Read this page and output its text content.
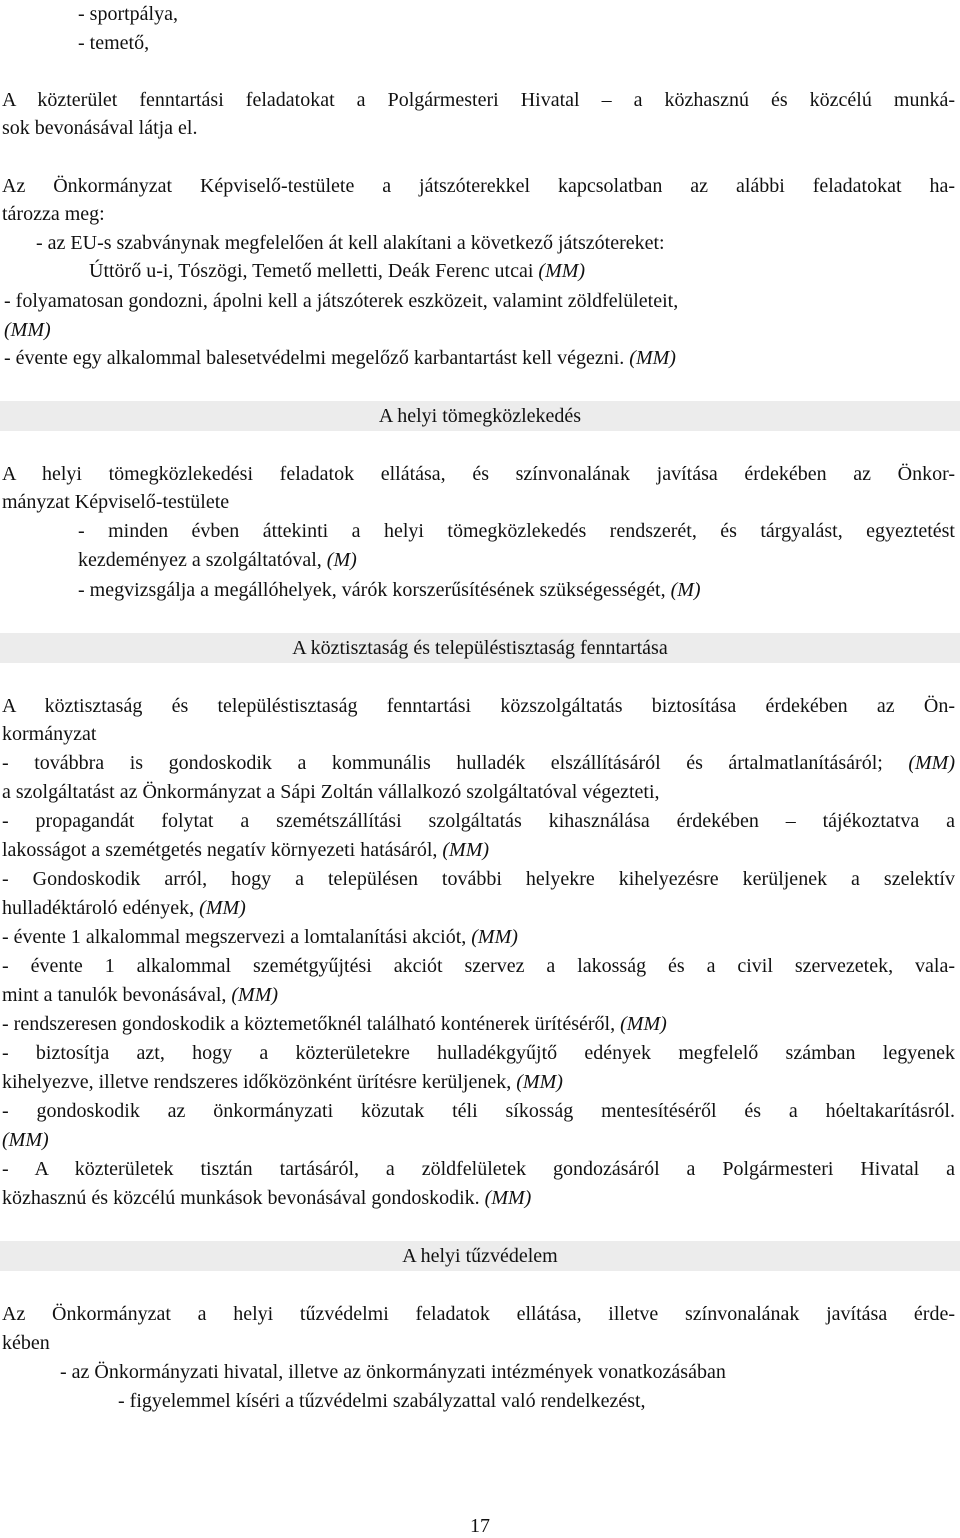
- sportpálya,
- temető,
A közterület fenntartási feladatokat a Polgármesteri Hivatal – a közhasznú és közcélú munká-
sok bevonásával látja el.
Az Önkormányzat Képviselő-testülete a játszóterekkel kapcsolatban az alábbi feladatokat ha-
tározza meg:
- az EU-s szabványnak megfelelően át kell alakítani a következő játszótereket:
Úttörő u-i, Tószögi, Temető melletti, Deák Ferenc utcai (MM)
- folyamatosan gondozni, ápolni kell a játszóterek eszközeit, valamint zöldfelületeit,
(MM)
- évente egy alkalommal balesetvédelmi megelőző karbantartást kell végezni. (MM)
A helyi tömegközlekedés
A helyi tömegközlekedési feladatok ellátása, és színvonalának javítása érdekében az Önkor-
mányzat Képviselő-testülete
- minden évben áttekinti a helyi tömegközlekedés rendszerét, és tárgyalást, egyeztetést
kezdeményez a szolgáltatóval, (M)
- megvizsgálja a megállóhelyek, várók korszerűsítésének szükségességét, (M)
A köztisztaság és településtisztaság fenntartása
A köztisztaság és településtisztaság fenntartási közszolgáltatás biztosítása érdekében az Ön-
kormányzat
- továbbra is gondoskodik a kommunális hulladék elszállításáról és ártalmatlanításáról; (MM)
a szolgáltatást az Önkormányzat a Sápi Zoltán vállalkozó szolgáltatóval végezteti,
- propagandát folytat a szemétszállítási szolgáltatás kihasználása érdekében – tájékoztatva a
lakosságot a szemétgetés negatív környezeti hatásáról, (MM)
- Gondoskodik arról, hogy a településen további helyekre kihelyezésre kerüljenek a szelektív
hulladéktároló edények, (MM)
- évente 1 alkalommal megszervezi a lomtalanítási akciót, (MM)
- évente 1 alkalommal szemétgyűjtési akciót szervez a lakosság és a civil szervezetek, vala-
mint a tanulók bevonásával, (MM)
- rendszeresen gondoskodik a köztemetőknél található konténerek ürítéséről, (MM)
- biztosítja azt, hogy a közterületekre hulladékgyűjtő edények megfelelő számban legyenek
kihelyezve, illetve rendszeres időközönként ürítésre kerüljenek, (MM)
- gondoskodik az önkormányzati közutak téli síkosság mentesítéséről és a hóeltakarításról.
(MM)
- A közterületek tisztán tartásáról, a zöldfelületek gondozásáról a Polgármesteri Hivatal a
közhasznú és közcélú munkások bevonásával gondoskodik. (MM)
A helyi tűzvédelem
Az Önkormányzat a helyi tűzvédelmi feladatok ellátása, illetve színvonalának javítása érde-
kében
- az Önkormányzati hivatal, illetve az önkormányzati intézmények vonatkozásában
- figyelemmel kíséri a tűzvédelmi szabályzattal való rendelkezést,
17
